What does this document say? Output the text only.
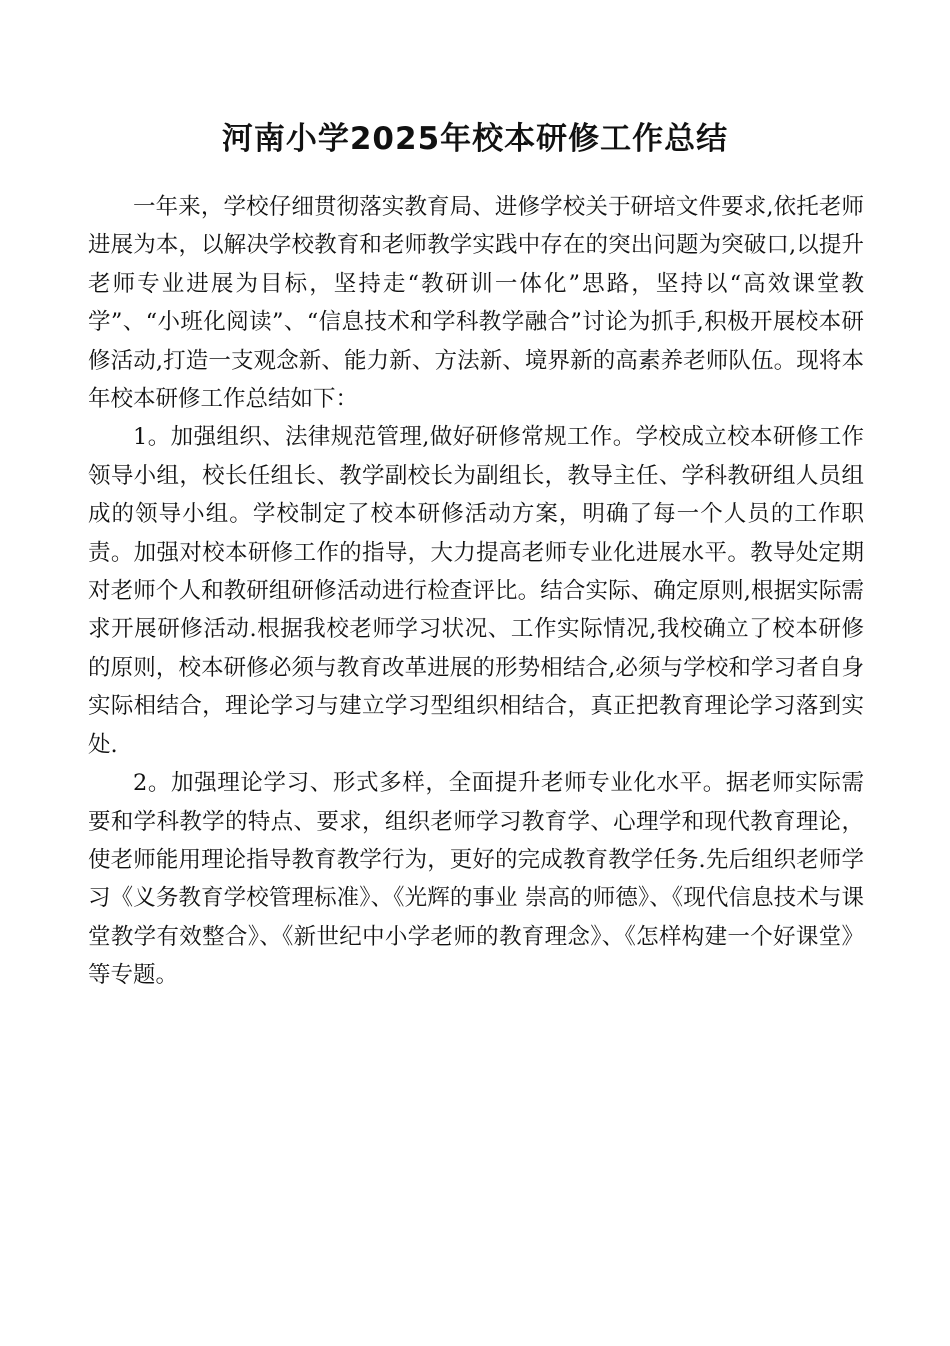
河南小学2025年校本研修工作总结

一年来，学校仔细贯彻落实教育局、进修学校关于研培文件要求,依托老师进展为本，以解决学校教育和老师教学实践中存在的突出问题为突破口,以提升老师专业进展为目标，坚持走“教研训一体化”思路，坚持以“高效课堂教学”、“小班化阅读”、“信息技术和学科教学融合”讨论为抓手,积极开展校本研修活动,打造一支观念新、能力新、方法新、境界新的高素养老师队伍。现将本年校本研修工作总结如下：

1。加强组织、法律规范管理,做好研修常规工作。学校成立校本研修工作领导小组，校长任组长、教学副校长为副组长，教导主任、学科教研组人员组成的领导小组。学校制定了校本研修活动方案，明确了每一个人员的工作职责。加强对校本研修工作的指导，大力提高老师专业化进展水平。教导处定期对老师个人和教研组研修活动进行检查评比。结合实际、确定原则,根据实际需求开展研修活动.根据我校老师学习状况、工作实际情况,我校确立了校本研修的原则，校本研修必须与教育改革进展的形势相结合,必须与学校和学习者自身实际相结合，理论学习与建立学习型组织相结合，真正把教育理论学习落到实处.

2。加强理论学习、形式多样，全面提升老师专业化水平。据老师实际需要和学科教学的特点、要求，组织老师学习教育学、心理学和现代教育理论，使老师能用理论指导教育教学行为，更好的完成教育教学任务.先后组织老师学习《义务教育学校管理标准》、《光辉的事业 崇高的师德》、《现代信息技术与课堂教学有效整合》、《新世纪中小学老师的教育理念》、《怎样构建一个好课堂》等专题。
